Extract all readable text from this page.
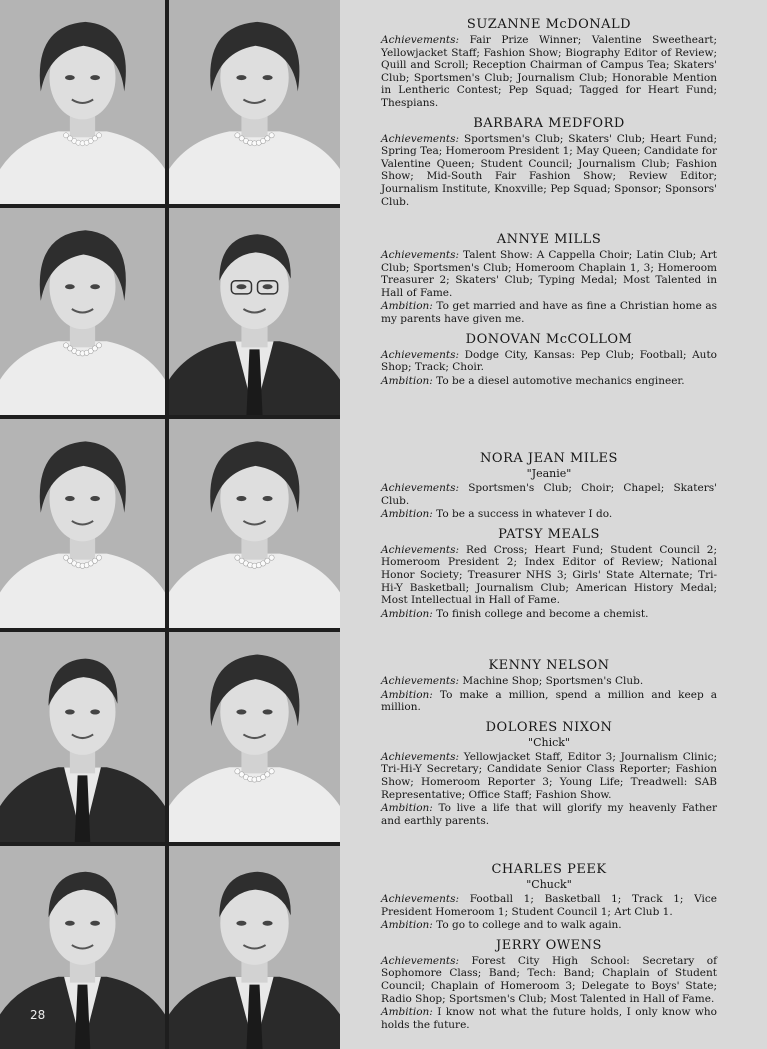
28
SUZANNE McDONALD

Achievements: Fair Prize Winner; Valentine Sweetheart; Yellowjacket Staff; Fashion Show; Biography Editor of Review; Quill and Scroll; Reception Chairman of Campus Tea; Skaters' Club; Sportsmen's Club; Journalism Club; Honorable Mention in Lentheric Contest; Pep Squad; Tagged for Heart Fund; Thespians.

BARBARA MEDFORD

Achievements: Sportsmen's Club; Skaters' Club; Heart Fund; Spring Tea; Homeroom President 1; May Queen; Candidate for Valentine Queen; Student Council; Journalism Club; Fashion Show; Mid-South Fair Fashion Show; Review Editor; Journalism Institute, Knoxville; Pep Squad; Sponsor; Sponsors' Club.

ANNYE MILLS

Achievements: Talent Show: A Cappella Choir; Latin Club; Art Club; Sportsmen's Club; Homeroom Chaplain 1, 3; Homeroom Treasurer 2; Skaters' Club; Typing Medal; Most Talented in Hall of Fame.

Ambition: To get married and have as fine a Christian home as my parents have given me.

DONOVAN McCOLLOM

Achievements: Dodge City, Kansas: Pep Club; Football; Auto Shop; Track; Choir.

Ambition: To be a diesel automotive mechanics engineer.

NORA JEAN MILES
"Jeanie"

Achievements: Sportsmen's Club; Choir; Chapel; Skaters' Club.

Ambition: To be a success in whatever I do.

PATSY MEALS

Achievements: Red Cross; Heart Fund; Student Council 2; Homeroom President 2; Index Editor of Review; National Honor Society; Treasurer NHS 3; Girls' State Alternate; Tri-Hi-Y Basketball; Journalism Club; American History Medal; Most Intellectual in Hall of Fame.

Ambition: To finish college and become a chemist.

KENNY NELSON

Achievements: Machine Shop; Sportsmen's Club.

Ambition: To make a million, spend a million and keep a million.

DOLORES NIXON
"Chick"

Achievements: Yellowjacket Staff, Editor 3; Journalism Clinic; Tri-Hi-Y Secretary; Candidate Senior Class Reporter; Fashion Show; Homeroom Reporter 3; Young Life; Treadwell: SAB Representative; Office Staff; Fashion Show.

Ambition: To live a life that will glorify my heavenly Father and earthly parents.

CHARLES PEEK
"Chuck"

Achievements: Football 1; Basketball 1; Track 1; Vice President Homeroom 1; Student Council 1; Art Club 1.

Ambition: To go to college and to walk again.

JERRY OWENS

Achievements: Forest City High School: Secretary of Sophomore Class; Band; Tech: Band; Chaplain of Student Council; Chaplain of Homeroom 3; Delegate to Boys' State; Radio Shop; Sportsmen's Club; Most Talented in Hall of Fame.

Ambition: I know not what the future holds, I only know who holds the future.
